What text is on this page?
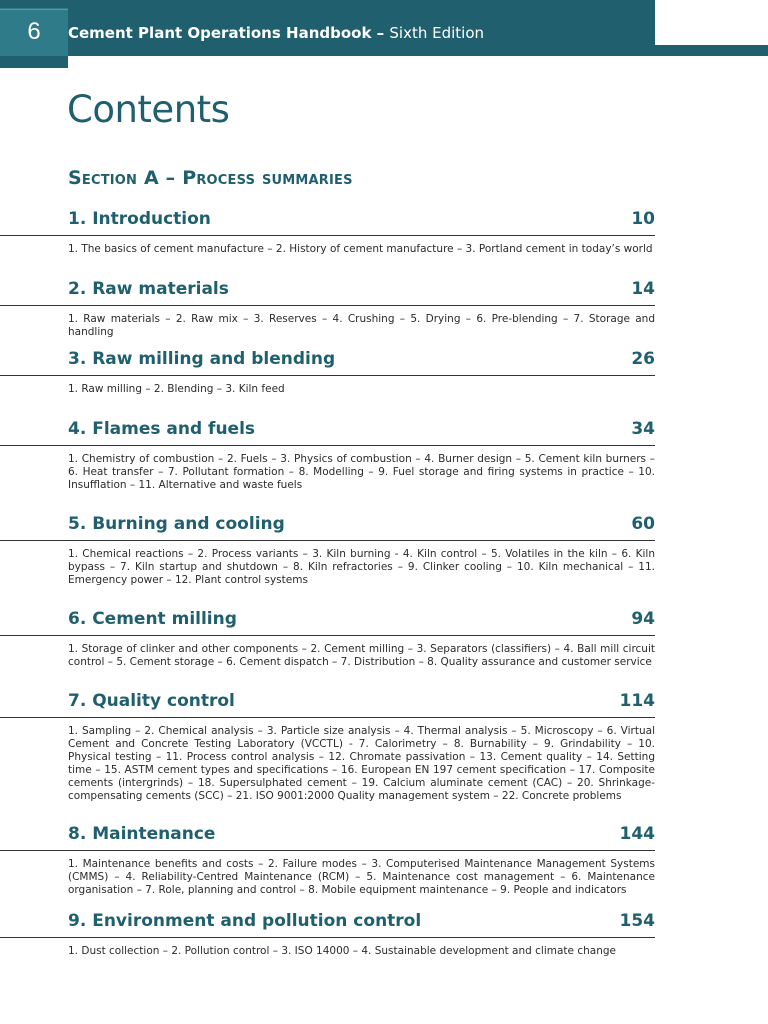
6	Cement Plant Operations Handbook – Sixth Edition
Contents
Section A – Process summaries
1. Introduction	10
1. The basics of cement manufacture – 2. History of cement manufacture – 3. Portland cement in today’s world
2. Raw materials	14
1. Raw materials – 2. Raw mix – 3. Reserves – 4. Crushing – 5. Drying – 6. Pre-blending – 7. Storage and handling
3. Raw milling and blending	26
1. Raw milling – 2. Blending – 3. Kiln feed
4. Flames and fuels	34
1. Chemistry of combustion – 2. Fuels – 3. Physics of combustion – 4. Burner design – 5. Cement kiln burners – 6. Heat transfer – 7. Pollutant formation – 8. Modelling – 9. Fuel storage and firing systems in practice – 10. Insufflation – 11. Alternative and waste fuels
5. Burning and cooling	60
1. Chemical reactions – 2. Process variants – 3. Kiln burning - 4. Kiln control – 5. Volatiles in the kiln – 6. Kiln bypass – 7. Kiln startup and shutdown – 8. Kiln refractories – 9. Clinker cooling – 10. Kiln mechanical – 11. Emergency power – 12. Plant control systems
6. Cement milling	94
1. Storage of clinker and other components – 2. Cement milling – 3. Separators (classifiers) – 4. Ball mill circuit control – 5. Cement storage – 6. Cement dispatch – 7. Distribution – 8. Quality assurance and customer service
7. Quality control	114
1. Sampling – 2. Chemical analysis – 3. Particle size analysis – 4. Thermal analysis – 5. Microscopy – 6. Virtual Cement and Concrete Testing Laboratory (VCCTL) - 7. Calorimetry – 8. Burnability – 9. Grindability – 10. Physical testing – 11. Process control analysis – 12. Chromate passivation – 13. Cement quality – 14. Setting time – 15. ASTM cement types and specifications – 16. European EN 197 cement specification – 17. Composite cements (intergrinds) – 18. Supersulphated cement – 19. Calcium aluminate cement (CAC) – 20. Shrinkage-compensating cements (SCC) – 21. ISO 9001:2000 Quality management system – 22. Concrete problems
8. Maintenance	144
1. Maintenance benefits and costs – 2. Failure modes – 3. Computerised Maintenance Management Systems (CMMS) – 4. Reliability-Centred Maintenance (RCM) – 5. Maintenance cost management – 6. Maintenance organisation – 7. Role, planning and control – 8. Mobile equipment maintenance – 9. People and indicators
9. Environment and pollution control	154
1. Dust collection – 2. Pollution control – 3. ISO 14000 – 4. Sustainable development and climate change
